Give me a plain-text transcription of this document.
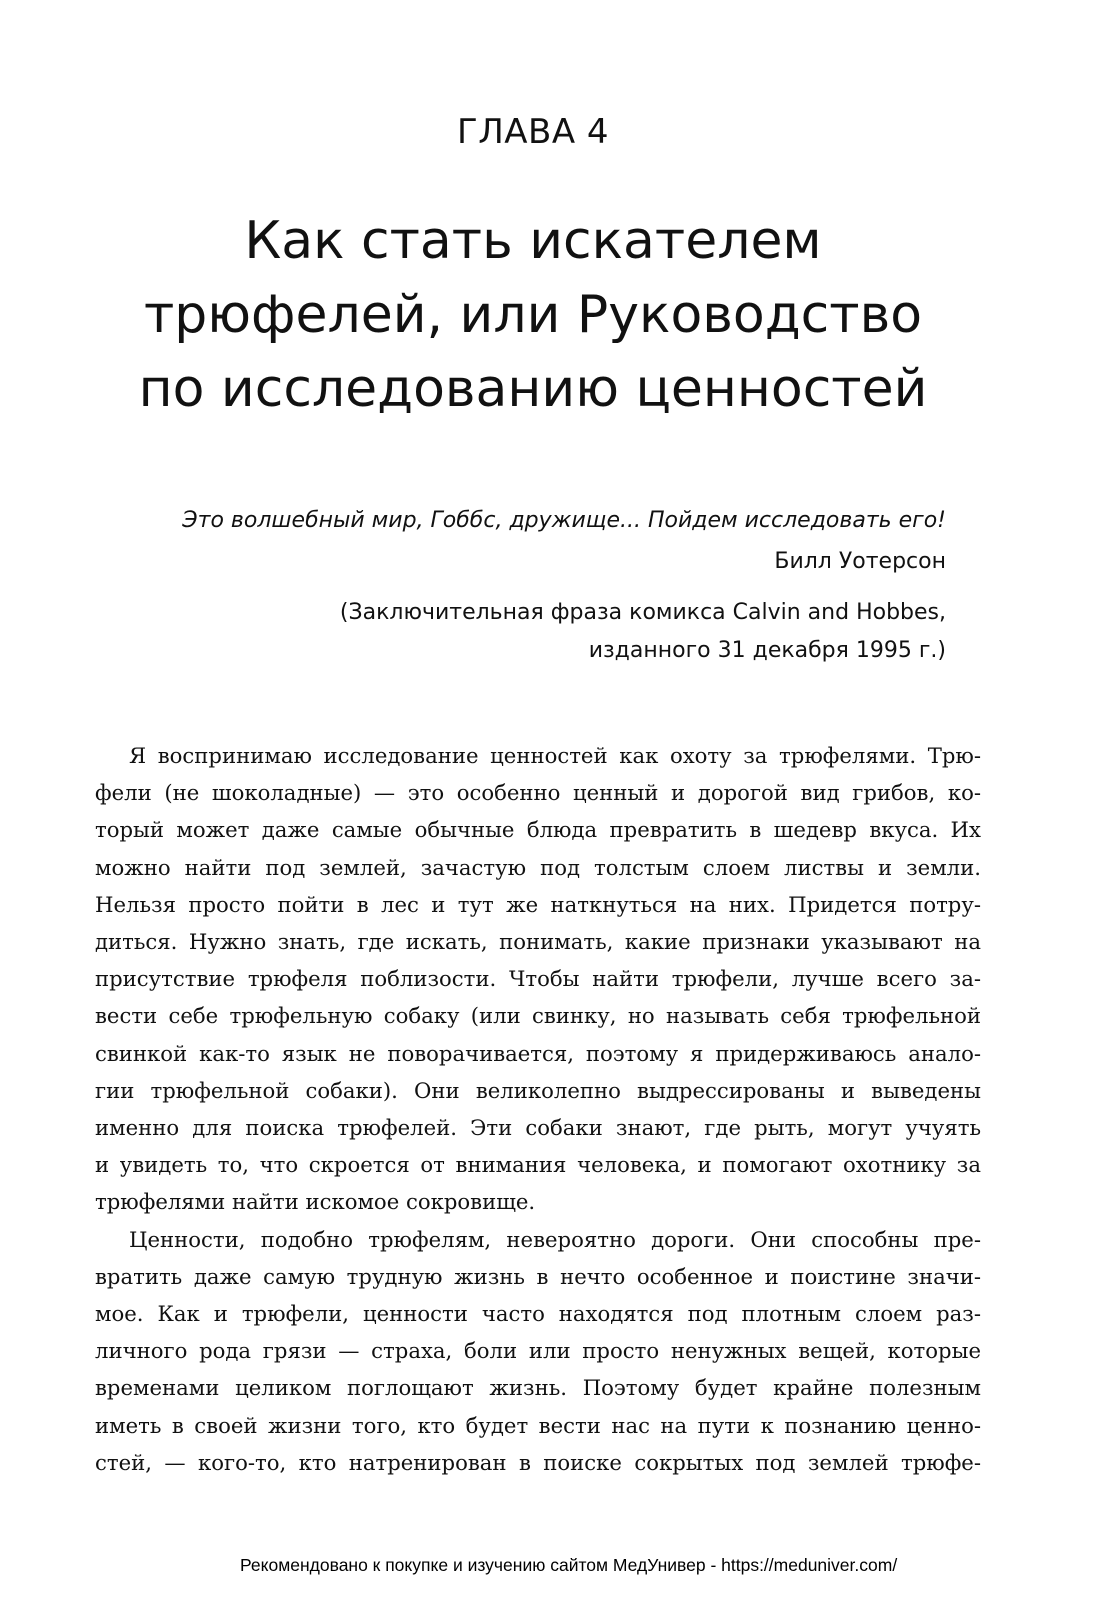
ГЛАВА 4
Как стать искателем
трюфелей, или Руководство
по исследованию ценностей
Это волшебный мир, Гоббс, дружище... Пойдем исследовать его!
Билл Уотерсон
(Заключительная фраза комикса Calvin and Hobbes,
изданного 31 декабря 1995 г.)

Я воспринимаю исследование ценностей как охоту за трюфелями. Трю-
фели (не шоколадные) — это особенно ценный и дорогой вид грибов, ко-
торый может даже самые обычные блюда превратить в шедевр вкуса. Их
можно найти под землей, зачастую под толстым слоем листвы и земли.
Нельзя просто пойти в лес и тут же наткнуться на них. Придется потру-
диться. Нужно знать, где искать, понимать, какие признаки указывают на
присутствие трюфеля поблизости. Чтобы найти трюфели, лучше всего за-
вести себе трюфельную собаку (или свинку, но называть себя трюфельной
свинкой как-то язык не поворачивается, поэтому я придерживаюсь анало-
гии трюфельной собаки). Они великолепно выдрессированы и выведены
именно для поиска трюфелей. Эти собаки знают, где рыть, могут учуять
и увидеть то, что скроется от внимания человека, и помогают охотнику за
трюфелями найти искомое сокровище.

Ценности, подобно трюфелям, невероятно дороги. Они способны пре-
вратить даже самую трудную жизнь в нечто особенное и поистине значи-
мое. Как и трюфели, ценности часто находятся под плотным слоем раз-
личного рода грязи — страха, боли или просто ненужных вещей, которые
временами целиком поглощают жизнь. Поэтому будет крайне полезным
иметь в своей жизни того, кто будет вести нас на пути к познанию ценно-
стей, — кого-то, кто натренирован в поиске сокрытых под землей трюфе-

Рекомендовано к покупке и изучению сайтом МедУнивер - https://meduniver.com/
